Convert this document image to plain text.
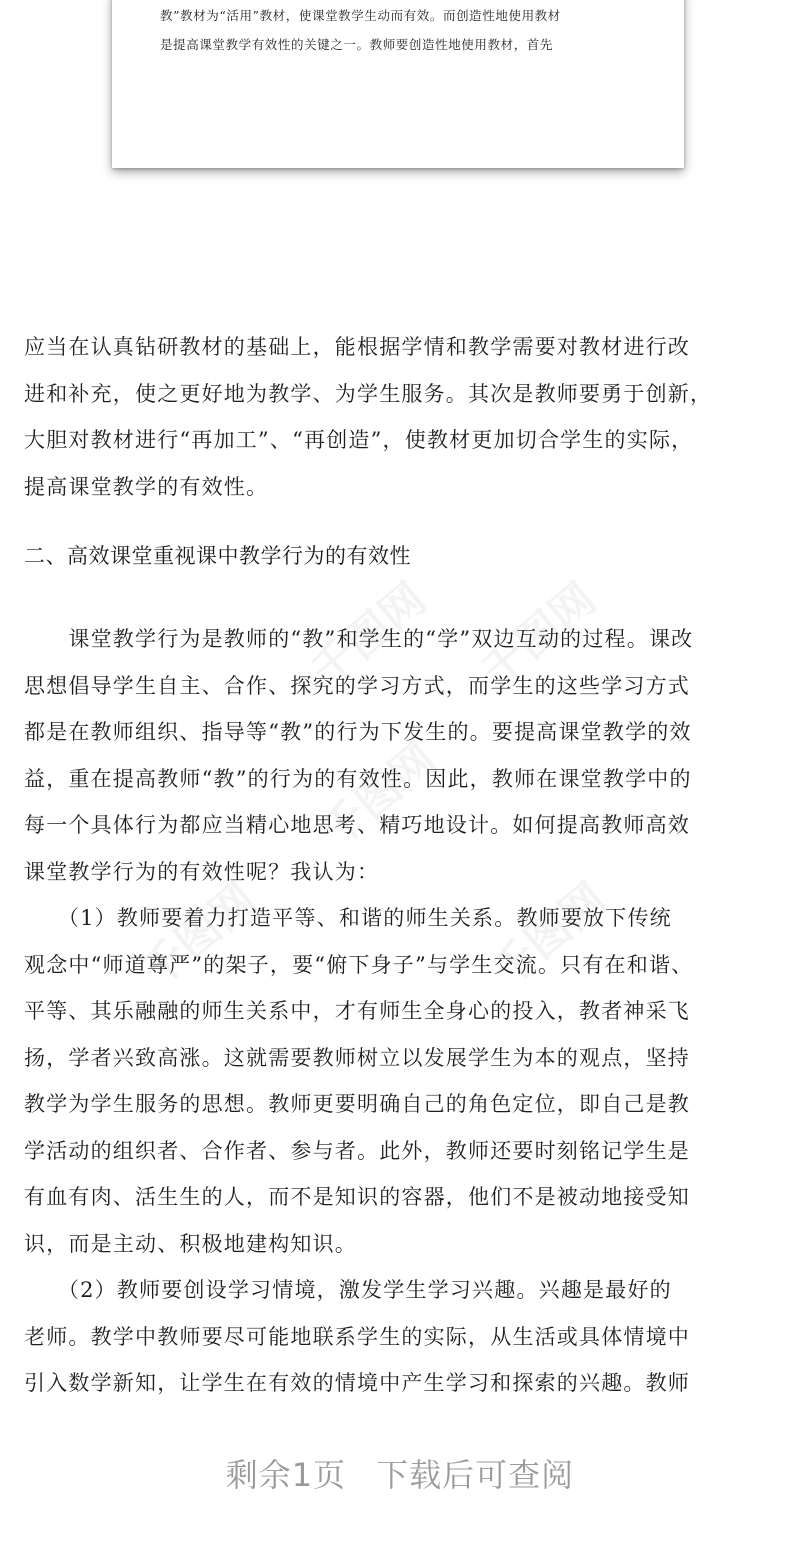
千图网 千图网
千图网
千图网	千图网
教”教材为“活用”教材，使课堂教学生动而有效。而创造性地使用教材
是提高课堂教学有效性的关键之一。教师要创造性地使用教材，首先
应当在认真钻研教材的基础上，能根据学情和教学需要对教材进行改
进和补充，使之更好地为教学、为学生服务。其次是教师要勇于创新，
大胆对教材进行“再加工”、“再创造”，使教材更加切合学生的实际，
提高课堂教学的有效性。
二、高效课堂重视课中教学行为的有效性
　　课堂教学行为是教师的“教”和学生的“学”双边互动的过程。课改
思想倡导学生自主、合作、探究的学习方式，而学生的这些学习方式
都是在教师组织、指导等“教”的行为下发生的。要提高课堂教学的效
益，重在提高教师“教”的行为的有效性。因此，教师在课堂教学中的
每一个具体行为都应当精心地思考、精巧地设计。如何提高教师高效
课堂教学行为的有效性呢？我认为：
　　（1）教师要着力打造平等、和谐的师生关系。教师要放下传统
观念中“师道尊严”的架子，要“俯下身子”与学生交流。只有在和谐、
平等、其乐融融的师生关系中，才有师生全身心的投入，教者神采飞
扬，学者兴致高涨。这就需要教师树立以发展学生为本的观点，坚持
教学为学生服务的思想。教师更要明确自己的角色定位，即自己是教
学活动的组织者、合作者、参与者。此外，教师还要时刻铭记学生是
有血有肉、活生生的人，而不是知识的容器，他们不是被动地接受知
识，而是主动、积极地建构知识。
　　（2）教师要创设学习情境，激发学生学习兴趣。兴趣是最好的
老师。教学中教师要尽可能地联系学生的实际，从生活或具体情境中
引入数学新知，让学生在有效的情境中产生学习和探索的兴趣。教师
剩余1页 下载后可查阅
